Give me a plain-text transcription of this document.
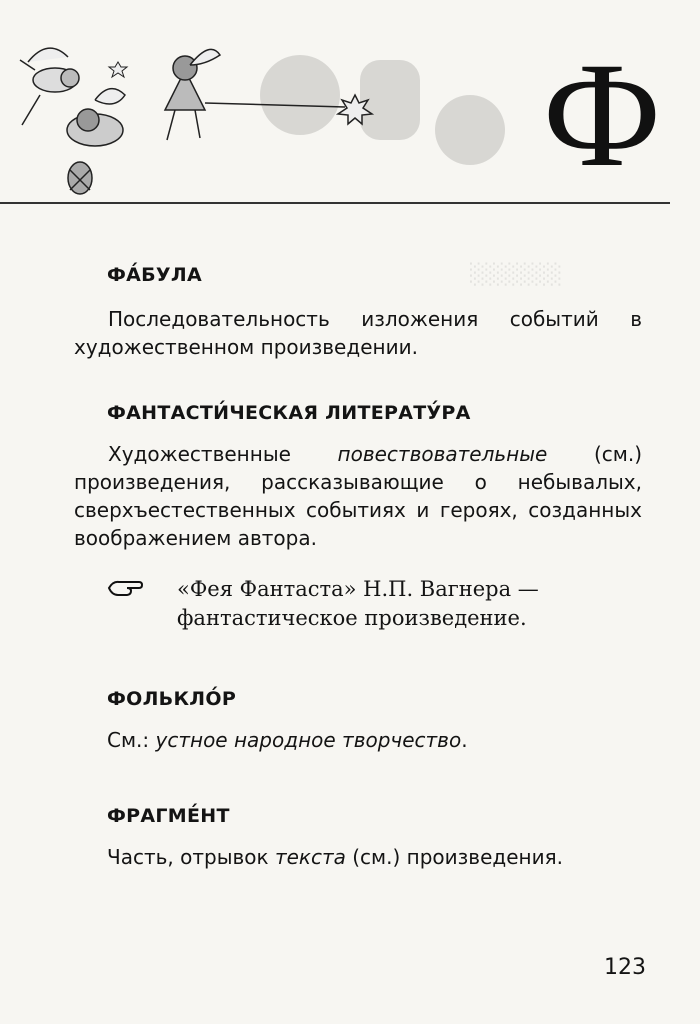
Ф
░░░░░░
ФА́БУЛА

Последовательность изложения событий в художественном произведении.

ФАНТАСТИ́ЧЕСКАЯ ЛИТЕРАТУ́РА

Художественные повествовательные (см.) произведения, рассказывающие о небывалых, сверхъестественных событиях и героях, созданных воображением автора.

«Фея Фантаста» Н.П. Вагнера — фантастическое произведение.
ФОЛЬКЛО́Р
См.: устное народное творчество.
ФРАГМЕ́НТ
Часть, отрывок текста (см.) произведения.
123
